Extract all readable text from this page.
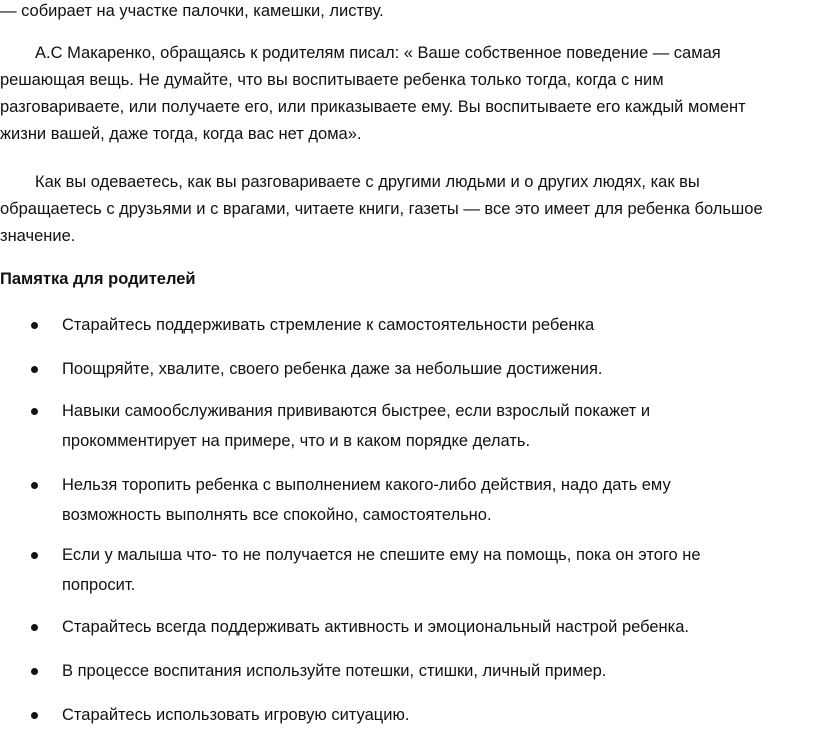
— собирает на участке палочки, камешки, листву.

А.С Макаренко, обращаясь к родителям писал: « Ваше собственное поведение — самая
решающая вещь. Не думайте, что вы воспитываете ребенка только тогда, когда с ним
разговариваете, или получаете его, или приказываете ему. Вы воспитываете его каждый момент
жизни вашей, даже тогда, когда вас нет дома».

Как вы одеваетесь, как вы разговариваете с другими людьми и о других людях, как вы
обращаетесь с друзьями и с врагами, читаете книги, газеты — все это имеет для ребенка большое
значение.

Памятка для родителей

Старайтесь поддерживать стремление к самостоятельности ребенка
Поощряйте, хвалите, своего ребенка даже за небольшие достижения.
Навыки самообслуживания прививаются быстрее, если взрослый покажет и
прокомментирует на примере, что и в каком порядке делать.
Нельзя торопить ребенка с выполнением какого-либо действия, надо дать ему
возможность выполнять все спокойно, самостоятельно.
Если у малыша что- то не получается не спешите ему на помощь, пока он этого не
попросит.
Старайтесь всегда поддерживать активность и эмоциональный настрой ребенка.
В процессе воспитания используйте потешки, стишки, личный пример.
Старайтесь использовать игровую ситуацию.
